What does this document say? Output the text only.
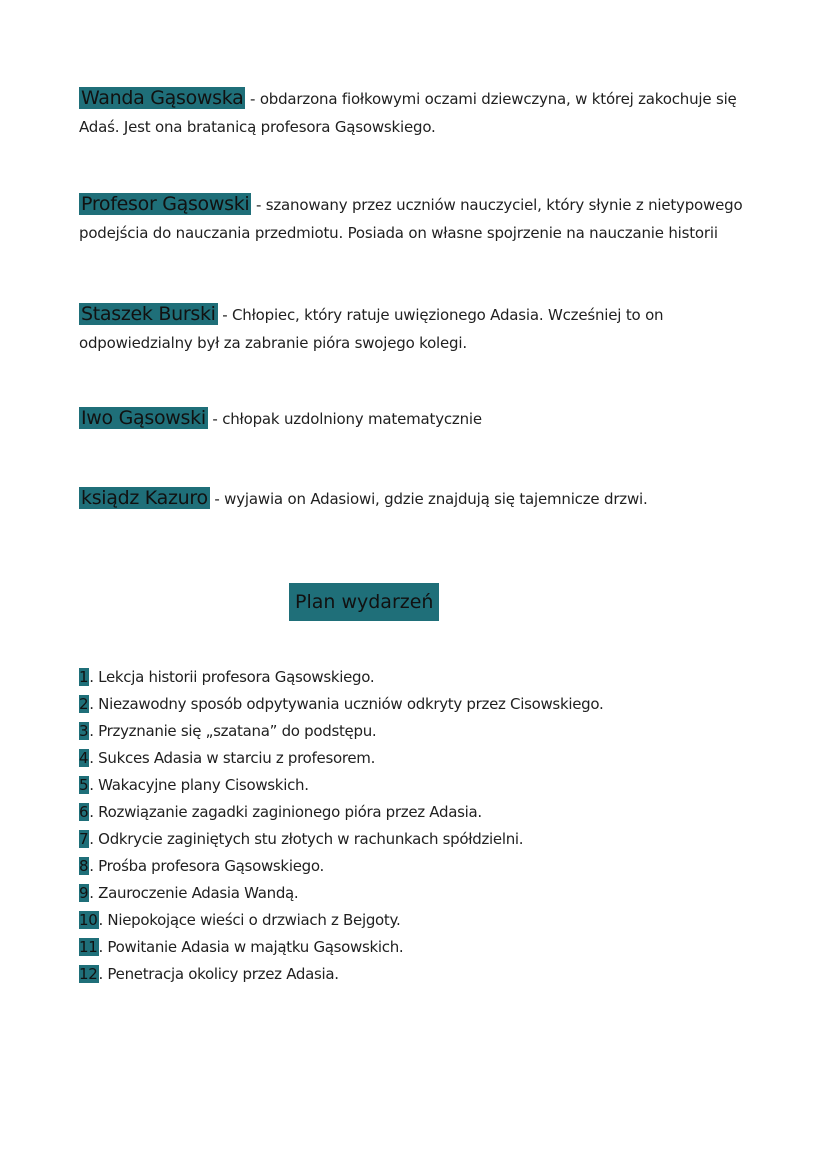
Wanda Gąsowska - obdarzona fiołkowymi oczami dziewczyna, w której zakochuje się Adaś. Jest ona bratanicą profesora Gąsowskiego.
Profesor Gąsowski - szanowany przez uczniów nauczyciel, który słynie z nietypowego podejścia do nauczania przedmiotu. Posiada on własne spojrzenie na nauczanie historii
Staszek Burski - Chłopiec, który ratuje uwięzionego Adasia. Wcześniej to on odpowiedzialny był za zabranie pióra swojego kolegi.
Iwo Gąsowski - chłopak uzdolniony matematycznie
ksiądz Kazuro - wyjawia on Adasiowi, gdzie znajdują się tajemnicze drzwi.
Plan wydarzeń
1. Lekcja historii profesora Gąsowskiego.
2. Niezawodny sposób odpytywania uczniów odkryty przez Cisowskiego.
3. Przyznanie się „szatana” do podstępu.
4. Sukces Adasia w starciu z profesorem.
5. Wakacyjne plany Cisowskich.
6. Rozwiązanie zagadki zaginionego pióra przez Adasia.
7. Odkrycie zaginiętych stu złotych w rachunkach spółdzielni.
8. Prośba profesora Gąsowskiego.
9. Zauroczenie Adasia Wandą.
10. Niepokojące wieści o drzwiach z Bejgoty.
11. Powitanie Adasia w majątku Gąsowskich.
12. Penetracja okolicy przez Adasia.
